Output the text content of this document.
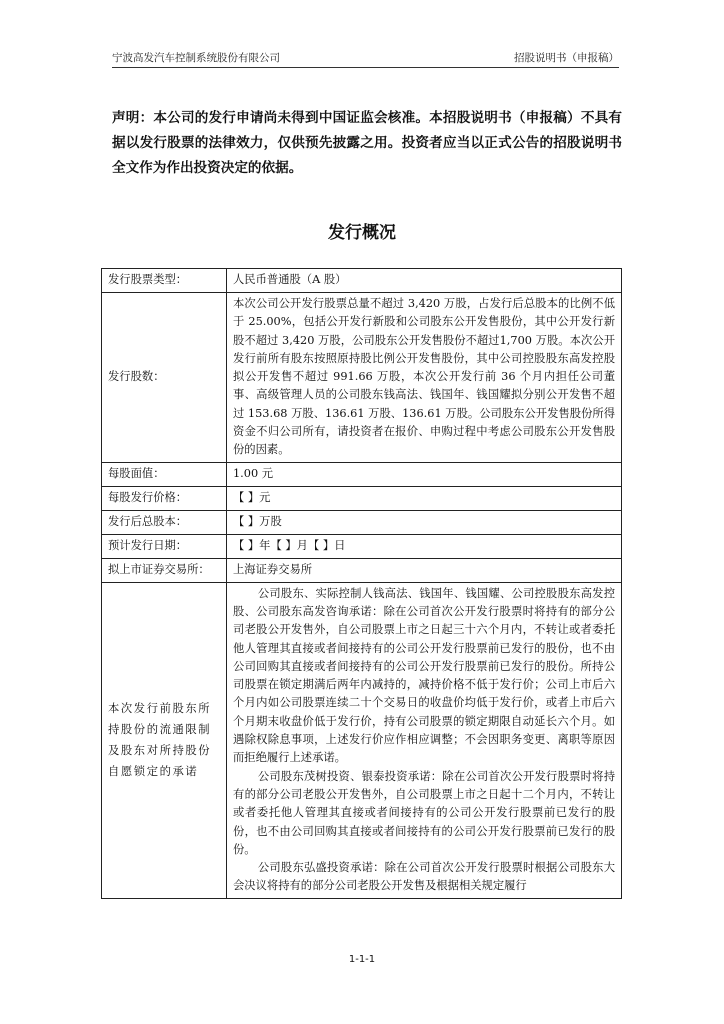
宁波高发汽车控制系统股份有限公司	招股说明书（申报稿）
声明：本公司的发行申请尚未得到中国证监会核准。本招股说明书（申报稿）不具有据以发行股票的法律效力，仅供预先披露之用。投资者应当以正式公告的招股说明书全文作为作出投资决定的依据。
发行概况
发行股票类型：	人民币普通股（A 股）
发行股数：	本次公司公开发行股票总量不超过 3,420 万股，占发行后总股本的比例不低于 25.00%，包括公开发行新股和公司股东公开发售股份，其中公开发行新股不超过 3,420 万股，公司股东公开发售股份不超过1,700 万股。本次公开发行前所有股东按照原持股比例公开发售股份，其中公司控股股东高发控股拟公开发售不超过 991.66 万股，本次公开发行前 36 个月内担任公司董事、高级管理人员的公司股东钱高法、钱国年、钱国耀拟分别公开发售不超过 153.68 万股、136.61 万股、136.61 万股。公司股东公开发售股份所得资金不归公司所有，请投资者在报价、申购过程中考虑公司股东公开发售股份的因素。
每股面值：	1.00 元
每股发行价格：	【 】元
发行后总股本：	【 】万股
预计发行日期：	【 】年【 】月【 】日
拟上市证券交易所：	上海证券交易所
本次发行前股东所持股份的流通限制及股东对所持股份自愿锁定的承诺	公司股东、实际控制人钱高法、钱国年、钱国耀、公司控股股东高发控股、公司股东高发咨询承诺：除在公司首次公开发行股票时将持有的部分公司老股公开发售外，自公司股票上市之日起三十六个月内，不转让或者委托他人管理其直接或者间接持有的公司公开发行股票前已发行的股份，也不由公司回购其直接或者间接持有的公司公开发行股票前已发行的股份。所持公司股票在锁定期满后两年内减持的，减持价格不低于发行价；公司上市后六个月内如公司股票连续二十个交易日的收盘价均低于发行价，或者上市后六个月期末收盘价低于发行价，持有公司股票的锁定期限自动延长六个月。如遇除权除息事项，上述发行价应作相应调整；不会因职务变更、离职等原因而拒绝履行上述承诺。

公司股东茂树投资、银泰投资承诺：除在公司首次公开发行股票时将持有的部分公司老股公开发售外，自公司股票上市之日起十二个月内，不转让或者委托他人管理其直接或者间接持有的公司公开发行股票前已发行的股份，也不由公司回购其直接或者间接持有的公司公开发行股票前已发行的股份。

公司股东弘盛投资承诺：除在公司首次公开发行股票时根据公司股东大会决议将持有的部分公司老股公开发售及根据相关规定履行

1-1-1
